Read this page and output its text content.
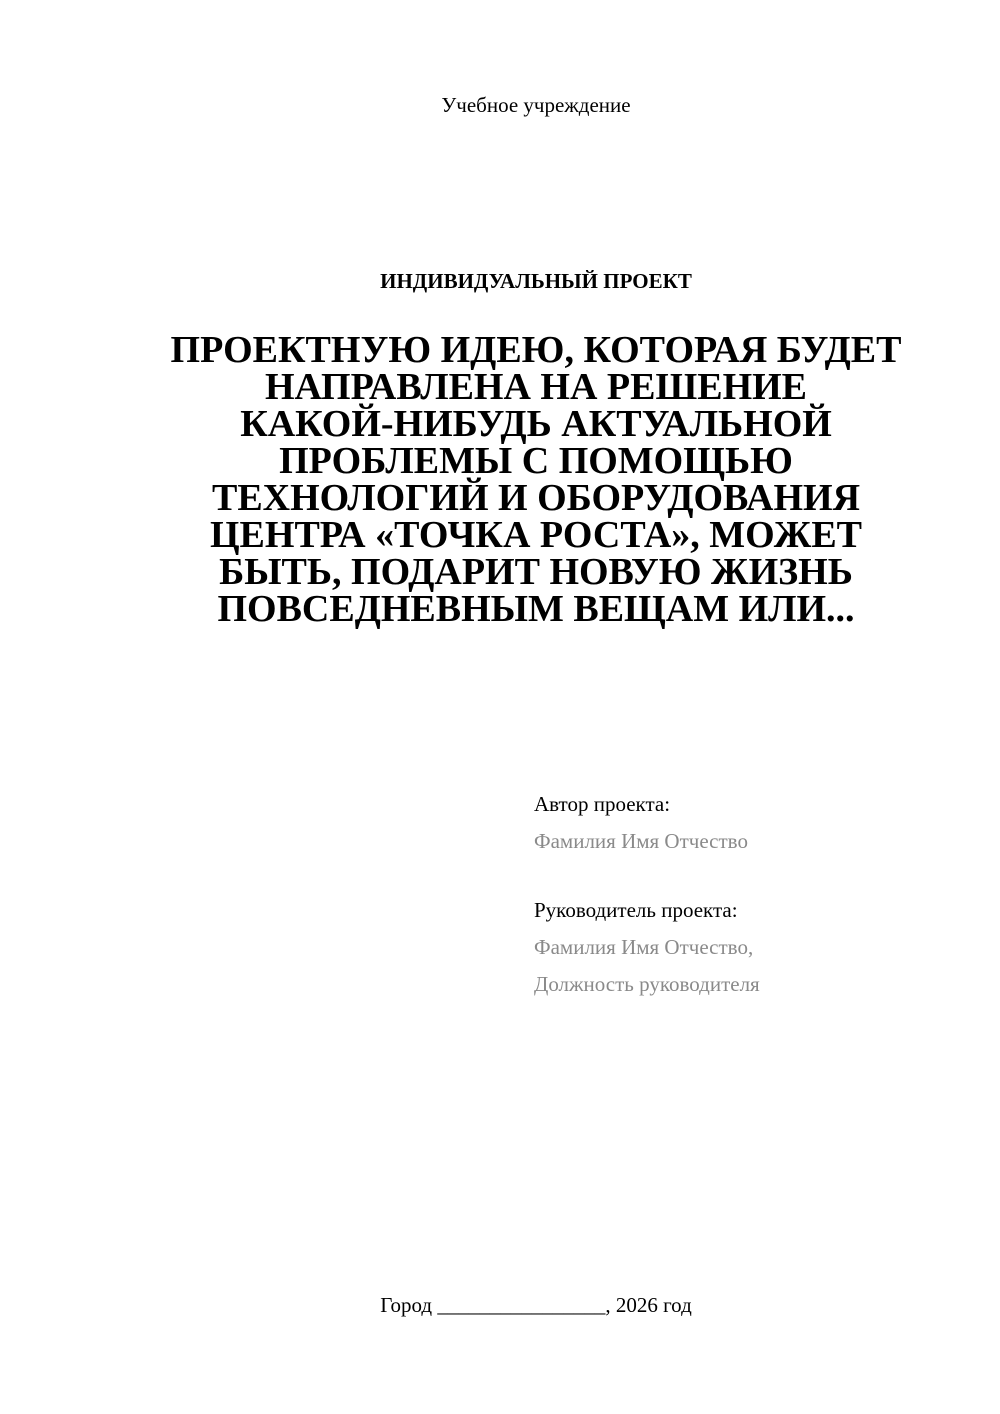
Учебное учреждение
ИНДИВИДУАЛЬНЫЙ ПРОЕКТ
ПРОЕКТНУЮ ИДЕЮ, КОТОРАЯ БУДЕТ
НАПРАВЛЕНА НА РЕШЕНИЕ
КАКОЙ-НИБУДЬ АКТУАЛЬНОЙ
ПРОБЛЕМЫ С ПОМОЩЬЮ
ТЕХНОЛОГИЙ И ОБОРУДОВАНИЯ
ЦЕНТРА «ТОЧКА РОСТА», МОЖЕТ
БЫТЬ, ПОДАРИТ НОВУЮ ЖИЗНЬ
ПОВСЕДНЕВНЫМ ВЕЩАМ ИЛИ...
Автор проекта:
Фамилия Имя Отчество
Руководитель проекта:
Фамилия Имя Отчество,
Должность руководителя
Город ________________, 2026 год
